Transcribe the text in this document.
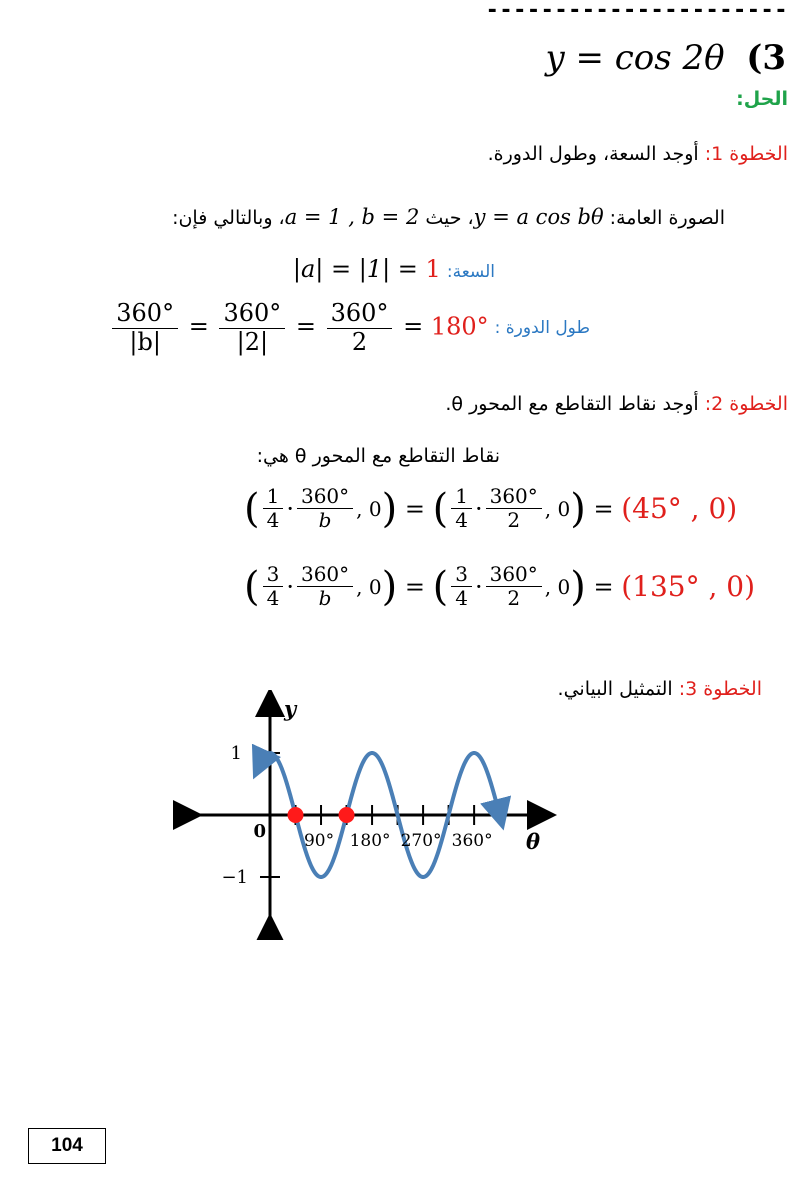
----------------------
y = cos 2θ (3
الحل:
الخطوة 1: أوجد السعة، وطول الدورة.
الصورة العامة: y = a cos bθ، حيث a = 1 , b = 2، وبالتالي فإن:
السعة: |a| = |1| = 1
طول الدورة :
$\frac{360^\circ}{|b|} = \frac{360^\circ}{|2|} = \frac{360^\circ}{2} = 180^\circ$
الخطوة 2: أوجد نقاط التقاطع مع المحور θ.
نقاط التقاطع مع المحور θ هي:
( $\frac{1}{4} \cdot \frac{360^\circ}{b}$ , 0 ) = ( $\frac{1}{4} \cdot \frac{360^\circ}{2}$ , 0 ) = (45° , 0)
( $\frac{3}{4} \cdot \frac{360^\circ}{b}$ , 0 ) = ( $\frac{3}{4} \cdot \frac{360^\circ}{2}$ , 0 ) = (135° , 0)
الخطوة 3: التمثيل البياني.
90° 180° 270° 360°
1
0
−1
y
θ
104
